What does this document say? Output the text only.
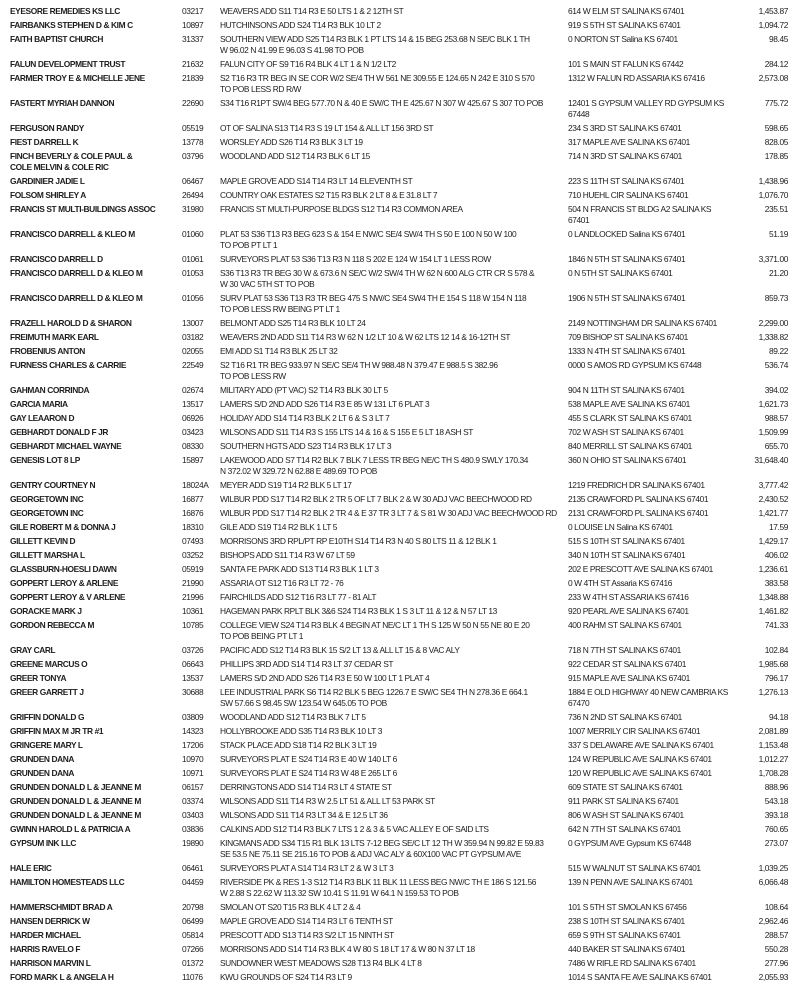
EYESORE REMEDIES KS LLC	03217	WEAVERS ADD S11 T14 R3 E 50 LTS 1 & 2 12TH ST	614 W ELM ST SALINA KS 67401	1,453.87
FAIRBANKS STEPHEN D & KIM C	10897	HUTCHINSONS ADD S24 T14 R3 BLK 10 LT 2	919 S 5TH ST SALINA KS 67401	1,094.72
FAITH BAPTIST CHURCH	31337	SOUTHERN VIEW ADD S25 T14 R3 BLK 1 PT LTS 14 & 15 BEG 253.68 N SE/C BLK 1 TH
W 96.02 N 41.99 E 96.03 S 41.98 TO POB
0 NORTON ST Salina KS 67401	98.45
FALUN DEVELOPMENT TRUST	21632	FALUN CITY OF S9 T16 R4 BLK 4 LT 1 & N 1/2 LT2	101 S MAIN ST FALUN KS 67442	284.12
FARMER TROY E & MICHELLE JENE	21839	S2 T16 R3 TR BEG IN SE COR W/2 SE/4 TH W 561 NE 309.55 E 124.65 N 242 E 310 S 570
TO POB LESS RD R/W
1312 W FALUN RD ASSARIA KS 67416	2,573.08
FASTERT MYRIAH DANNON	22690	S34 T16 R1PT SW/4 BEG 577.70 N & 40 E SW/C TH E 425.67 N 307 W 425.67 S 307 TO POB	12401 S GYPSUM VALLEY RD GYPSUM KS
67448
775.72
FERGUSON RANDY	05519	OT OF SALINA S13 T14 R3 S 19 LT 154 & ALL LT 156 3RD ST	234 S 3RD ST SALINA KS 67401	598.65
FIEST DARRELL K	13778	WORSLEY ADD S26 T14 R3 BLK 3 LT 19	317 MAPLE AVE SALINA KS 67401	828.05
FINCH BEVERLY & COLE PAUL &
COLE MELVIN & COLE RIC
03796	WOODLAND ADD S12 T14 R3 BLK 6 LT 15	714 N 3RD ST SALINA KS 67401	178.85
GARDINIER JADIE L	06467	MAPLE GROVE ADD S14 T14 R3 LT 14 ELEVENTH ST	223 S 11TH ST SALINA KS 67401	1,438.96
FOLSOM SHIRLEY A	26494	COUNTRY OAK ESTATES S2 T15 R3 BLK 2 LT 8 & E 31.8 LT 7	710 HUEHL CIR SALINA KS 67401	1,076.70
FRANCIS ST MULTI-BUILDINGS ASSOC	31980	FRANCIS ST MULTI-PURPOSE BLDGS S12 T14 R3 COMMON AREA	504 N FRANCIS ST BLDG A2 SALINA KS 67401
235.51
FRANCISCO DARRELL & KLEO M	01060	PLAT 53 S36 T13 R3 BEG 623 S & 154 E NW/C SE/4 SW/4 TH S 50 E 100 N 50 W 100
TO POB PT LT 1
0 LANDLOCKED Salina KS 67401	51.19
FRANCISCO DARRELL D	01061	SURVEYORS PLAT 53 S36 T13 R3 N 118 S 202 E 124 W 154 LT 1 LESS ROW	1846 N 5TH ST SALINA KS 67401	3,371.00
FRANCISCO DARRELL D & KLEO M	01053	S36 T13 R3 TR BEG 30 W & 673.6 N SE/C W/2 SW/4 TH W 62 N 600 ALG CTR CR S 578 &
W 30 VAC 5TH ST TO POB
0 N 5TH ST SALINA KS 67401	21.20
FRANCISCO DARRELL D & KLEO M	01056	SURV PLAT 53 S36 T13 R3 TR BEG 475 S NW/C SE4 SW4 TH E 154 S 118 W 154 N 118
TO POB LESS RW BEING PT LT 1
1906 N 5TH ST SALINA KS 67401	859.73
FRAZELL HAROLD D & SHARON	13007	BELMONT ADD S25 T14 R3 BLK 10 LT 24	2149 NOTTINGHAM DR SALINA KS 67401	2,299.00
FREIMUTH MARK EARL	03182	WEAVERS 2ND ADD S11 T14 R3 W 62 N 1/2 LT 10 & W 62 LTS 12 14 & 16-12TH ST	709 BISHOP ST SALINA KS 67401	1,338.82
FROBENIUS ANTON	02055	EMI ADD S1 T14 R3 BLK 25 LT 32	1333 N 4TH ST SALINA KS 67401	89.22
FURNESS CHARLES & CARRIE	22549	S2 T16 R1 TR BEG 933.97 N SE/C SE/4 TH W 988.48 N 379.47 E 988.5 S 382.96
TO POB LESS RW
0000 S AMOS RD GYPSUM KS 67448	536.74
GAHMAN CORRINDA	02674	MILITARY ADD (PT VAC) S2 T14 R3 BLK 30 LT 5	904 N 11TH ST SALINA KS 67401	394.02
GARCIA MARIA	13517	LAMERS S/D 2ND ADD S26 T14 R3 E 85 W 131 LT 6 PLAT 3	538 MAPLE AVE SALINA KS 67401	1,621.73
GAY LEAARON D	06926	HOLIDAY ADD S14 T14 R3 BLK 2 LT 6 & S 3 LT 7	455 S CLARK ST SALINA KS 67401	988.57
GEBHARDT DONALD F JR	03423	WILSONS ADD S11 T14 R3 S 155 LTS 14 & 16 & S 155 E 5 LT 18 ASH ST	702 W ASH ST SALINA KS 67401	1,509.99
GEBHARDT MICHAEL WAYNE	08330	SOUTHERN HGTS ADD S23 T14 R3 BLK 17 LT 3	840 MERRILL ST SALINA KS 67401	655.70
GENESIS LOT 8 LP	15897	LAKEWOOD ADD S7 T14 R2 BLK 7 BLK 7 LESS TR BEG NE/C TH S 480.9 SWLY 170.34
N 372.02 W 329.72 N 62.88 E 489.69 TO POB
360 N OHIO ST SALINA KS 67401	31,648.40
GENTRY COURTNEY N	18024A	MEYER ADD S19 T14 R2 BLK 5 LT 17	1219 FREDRICH DR SALINA KS 67401	3,777.42
GEORGETOWN INC	16877	WILBUR PDD S17 T14 R2 BLK 2 TR 5 OF LT 7 BLK 2 & W 30 ADJ VAC BEECHWOOD RD	2135 CRAWFORD PL SALINA KS 67401	2,430.52
GEORGETOWN INC	16876	WILBUR PDD S17 T14 R2 BLK 2 TR 4 & E 37 TR 3 LT 7 & S 81 W 30 ADJ VAC BEECHWOOD RD	2131 CRAWFORD PL SALINA KS 67401	1,421.77
GILE ROBERT M & DONNA J	18310	GILE ADD S19 T14 R2 BLK 1 LT 5	0 LOUISE LN Salina KS 67401	17.59
GILLETT KEVIN D	07493	MORRISONS 3RD RPL/PT RP E10TH S14 T14 R3 N 40 S 80 LTS 11 & 12 BLK 1	515 S 10TH ST SALINA KS 67401	1,429.17
GILLETT MARSHA L	03252	BISHOPS ADD S11 T14 R3 W 67 LT 59	340 N 10TH ST SALINA KS 67401	406.02
GLASSBURN-HOESLI DAWN	05919	SANTA FE PARK ADD S13 T14 R3 BLK 1 LT 3	202 E PRESCOTT AVE SALINA KS 67401	1,236.61
GOPPERT LEROY & ARLENE	21990	ASSARIA OT S12 T16 R3 LT 72 - 76	0 W 4TH ST Assaria KS 67416	383.58
GOPPERT LEROY & V ARLENE	21996	FAIRCHILDS ADD S12 T16 R3 LT 77 - 81 ALT	233 W 4TH ST ASSARIA KS 67416	1,348.88
GORACKE MARK J	10361	HAGEMAN PARK RPLT BLK 3&6 S24 T14 R3 BLK 1 S 3 LT 11 & 12 & N 57 LT 13	920 PEARL AVE SALINA KS 67401	1,461.82
GORDON REBECCA M	10785	COLLEGE VIEW S24 T14 R3 BLK 4 BEGIN AT NE/C LT 1 TH S 125 W 50 N 55 NE 80 E 20
TO POB BEING PT LT 1
400 RAHM ST SALINA KS 67401	741.33
GRAY CARL	03726	PACIFIC ADD S12 T14 R3 BLK 15 S/2 LT 13 & ALL LT 15 & 8 VAC ALY	718 N 7TH ST SALINA KS 67401	102.84
GREENE MARCUS O	06643	PHILLIPS 3RD ADD S14 T14 R3 LT 37 CEDAR ST	922 CEDAR ST SALINA KS 67401	1,985.68
GREER TONYA	13537	LAMERS S/D 2ND ADD S26 T14 R3 E 50 W 100 LT 1 PLAT 4	915 MAPLE AVE SALINA KS 67401	796.17
GREER GARRETT J	30688	LEE INDUSTRIAL PARK S6 T14 R2 BLK 5 BEG 1226.7 E SW/C SE4 TH N 278.36 E 664.1
SW 57.66 S 98.45 SW 123.54 W 645.05 TO POB
1884 E OLD HIGHWAY 40 NEW CAMBRIA KS
67470
1,276.13
GRIFFIN DONALD G	03809	WOODLAND ADD S12 T14 R3 BLK 7 LT 5	736 N 2ND ST SALINA KS 67401	94.18
GRIFFIN MAX M JR TR #1	14323	HOLLYBROOKE ADD S35 T14 R3 BLK 10 LT 3	1007 MERRILY CIR SALINA KS 67401	2,081.89
GRINGERE MARY L	17206	STACK PLACE ADD S18 T14 R2 BLK 3 LT 19	337 S DELAWARE AVE SALINA KS 67401	1,153.48
GRUNDEN DANA	10970	SURVEYORS PLAT E S24 T14 R3 E 40 W 140 LT 6	124 W REPUBLIC AVE SALINA KS 67401	1,012.27
GRUNDEN DANA	10971	SURVEYORS PLAT E S24 T14 R3 W 48 E 265 LT 6	120 W REPUBLIC AVE SALINA KS 67401	1,708.28
GRUNDEN DONALD L & JEANNE M	06157	DERRINGTONS ADD S14 T14 R3 LT 4 STATE ST	609 STATE ST SALINA KS 67401	888.96
GRUNDEN DONALD L & JEANNE M	03374	WILSONS ADD S11 T14 R3 W 2.5 LT 51 & ALL LT 53 PARK ST	911 PARK ST SALINA KS 67401	543.18
GRUNDEN DONALD L & JEANNE M	03403	WILSONS ADD S11 T14 R3 LT 34 & E 12.5 LT 36	806 W ASH ST SALINA KS 67401	393.18
GWINN HAROLD L & PATRICIA A	03836	CALKINS ADD S12 T14 R3 BLK 7 LTS 1 2 & 3 & 5 VAC ALLEY E OF SAID LTS	642 N 7TH ST SALINA KS 67401	760.65
GYPSUM INK LLC	19890	KINGMANS ADD S34 T15 R1 BLK 13 LTS 7-12 BEG SE/C LT 12 TH W 359.94 N 99.82 E 59.83
SE 53.5 NE 75.11 SE 215.16 TO POB & ADJ VAC ALY & 60X100 VAC PT GYPSUM AVE
0 GYPSUM AVE Gypsum KS 67448	273.07
HALE ERIC	06461	SURVEYORS PLAT A S14 T14 R3 LT 2 & W 3 LT 3	515 W WALNUT ST SALINA KS 67401	1,039.25
HAMILTON HOMESTEADS LLC	04459	RIVERSIDE PK & RES 1-3 S12 T14 R3 BLK 11 BLK 11 LESS BEG NW/C TH E 186 S 121.56
W 2.88 S 22.62 W 113.32 SW 10.41 S 11.91 W 64.1 N 159.53 TO POB
139 N PENN AVE SALINA KS 67401	6,066.48
HAMMERSCHMIDT BRAD A	20798	SMOLAN OT S20 T15 R3 BLK 4 LT 2 & 4	101 S 5TH ST SMOLAN KS 67456	108.64
HANSEN DERRICK W	06499	MAPLE GROVE ADD S14 T14 R3 LT 6 TENTH ST	238 S 10TH ST SALINA KS 67401	2,962.46
HARDER MICHAEL	05814	PRESCOTT ADD S13 T14 R3 S/2 LT 15 NINTH ST	659 S 9TH ST SALINA KS 67401	288.57
HARRIS RAVELO F	07266	MORRISONS ADD S14 T14 R3 BLK 4 W 80 S 18 LT 17 & W 80 N 37 LT 18	440 BAKER ST SALINA KS 67401	550.28
HARRISON MARVIN L	01372	SUNDOWNER WEST MEADOWS S28 T13 R4 BLK 4 LT 8	7486 W RIFLE RD SALINA KS 67401	277.96
FORD MARK L & ANGELA H	11076	KWU GROUNDS OF S24 T14 R3 LT 9	1014 S SANTA FE AVE SALINA KS 67401	2,055.93
